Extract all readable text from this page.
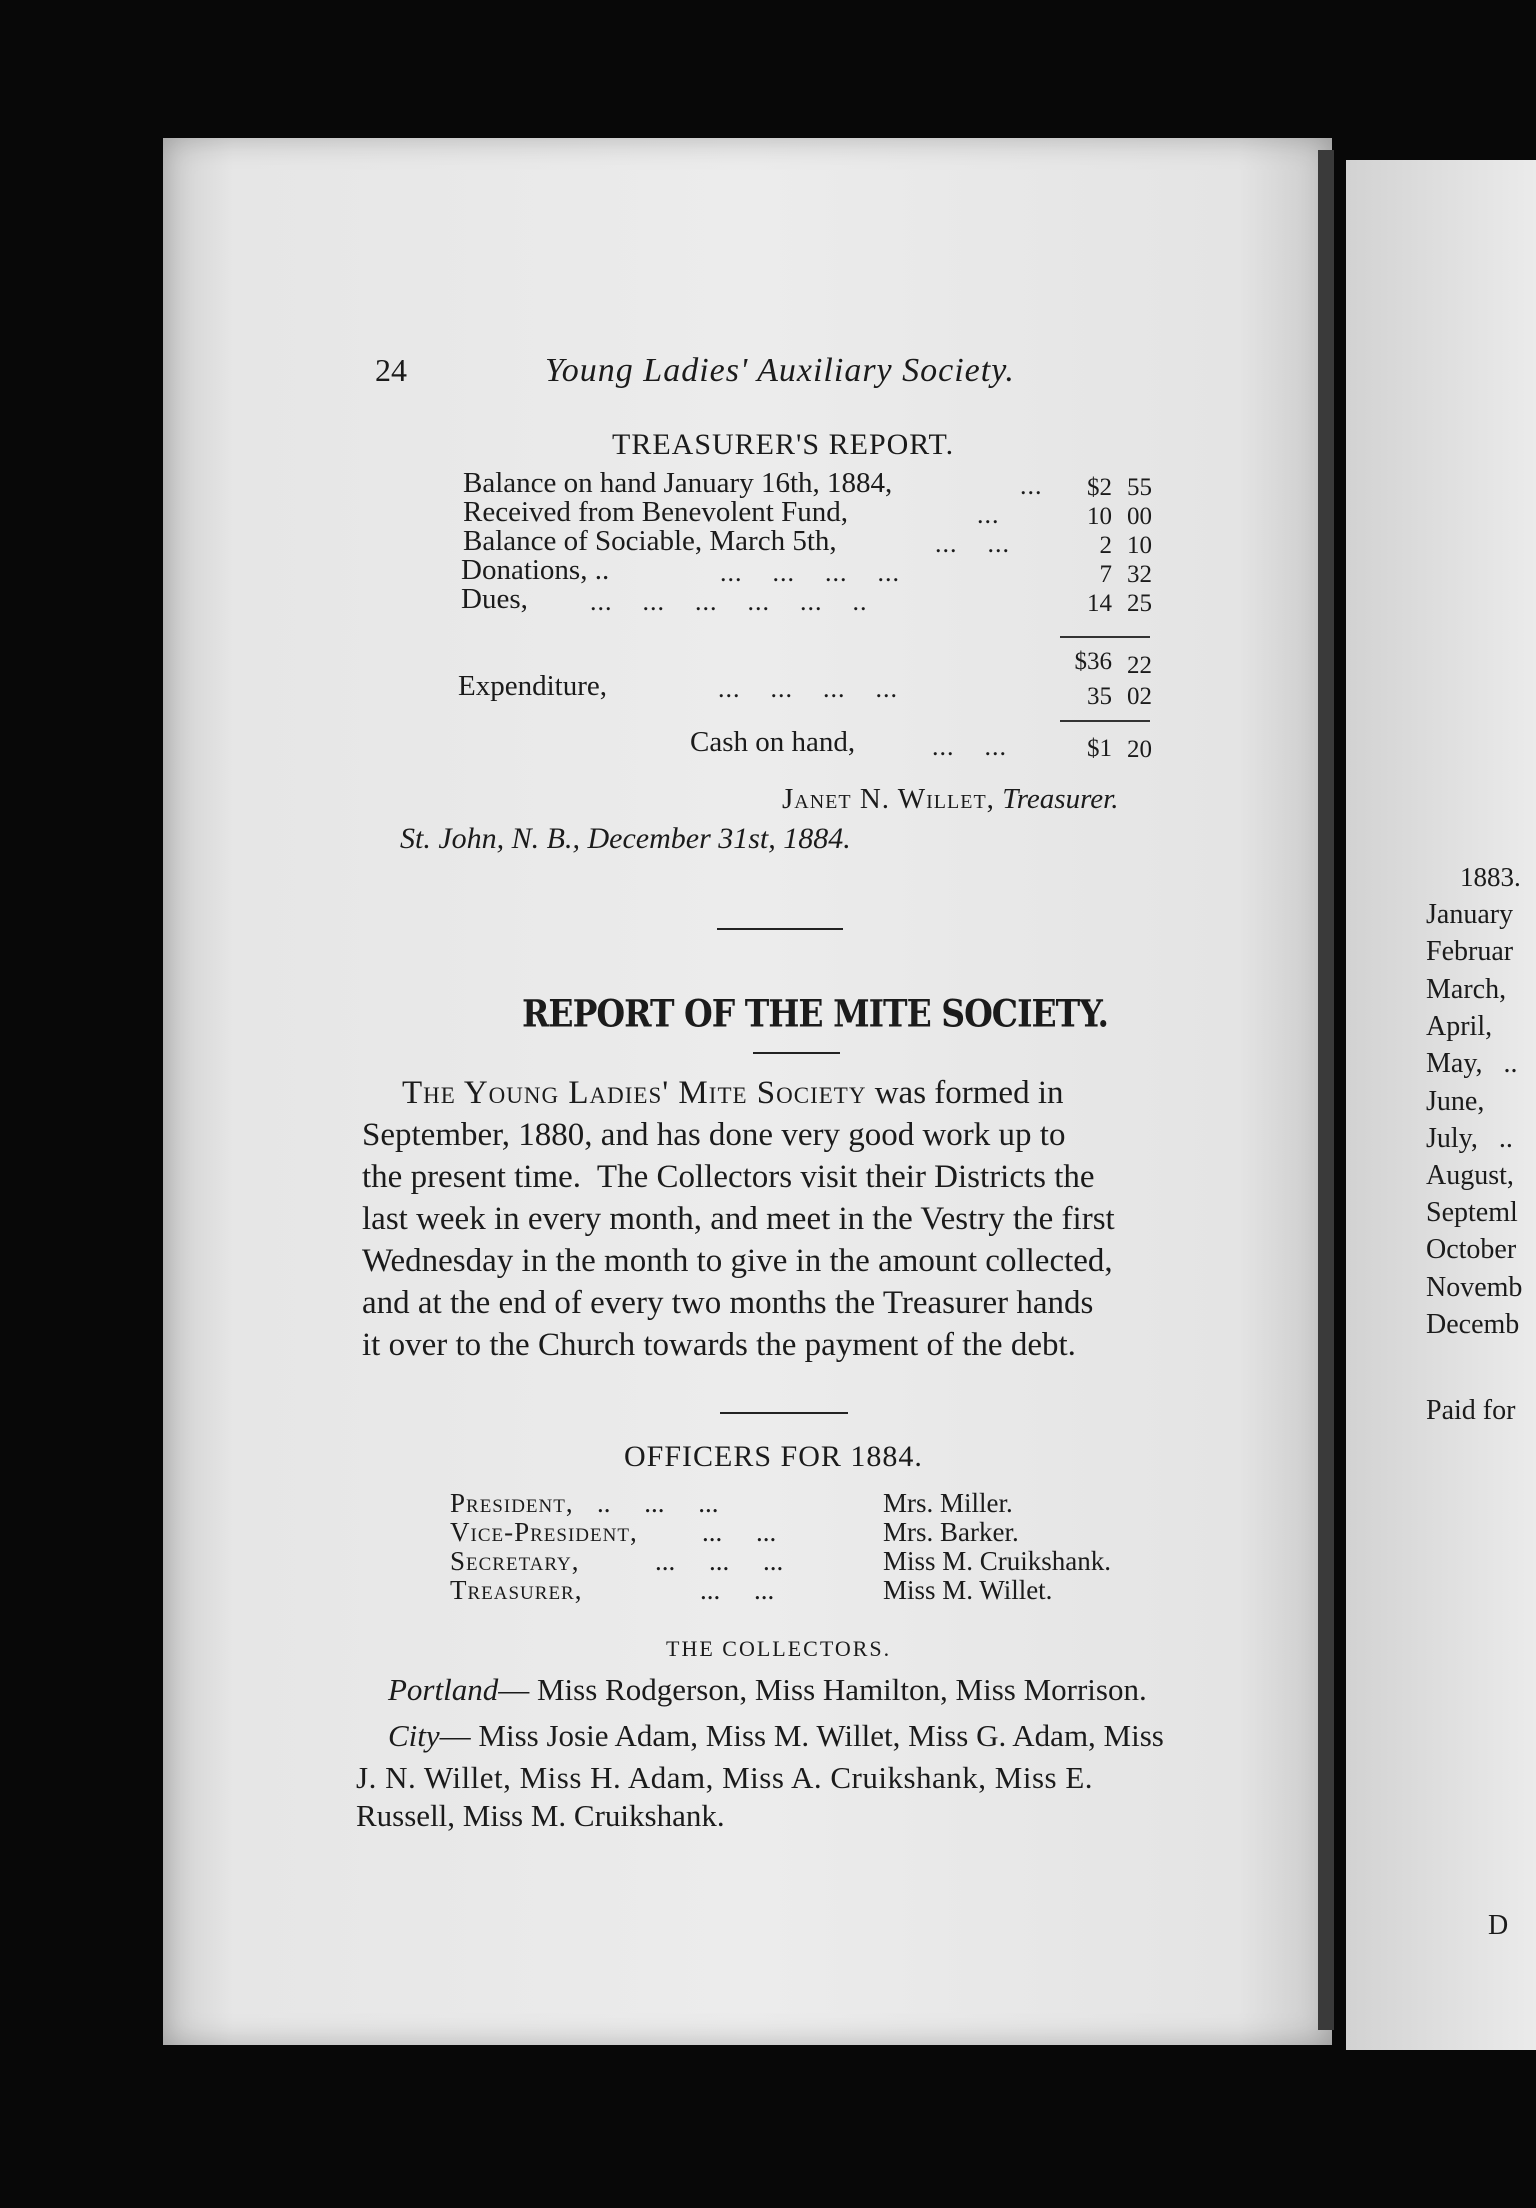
24	Young Ladies' Auxiliary Society.
TREASURER'S REPORT.
Balance on hand January 16th, 1884,	...	$2 55
Received from Benevolent Fund,	...	10 00
Balance of Sociable, March 5th,	...    ...	2 10
Donations, ..	...    ...    ...    ...	7 32
Dues, ...    ...    ...    ...    ...    ..	14 25
$36 22
Expenditure,	...    ...    ...    ...	35 02
Cash on hand,	...    ...	$1 20
Janet N. Willet, Treasurer.
St. John, N. B., December 31st, 1884.
REPORT OF THE MITE SOCIETY.
The Young Ladies' Mite Society was formed in
September, 1880, and has done very good work up to
the present time.  The Collectors visit their Districts the
last week in every month, and meet in the Vestry the first
Wednesday in the month to give in the amount collected,
and at the end of every two months the Treasurer hands
it over to the Church towards the payment of the debt.
OFFICERS FOR 1884.
President, ..     ...     ...	Mrs. Miller.
Vice-President, ...     ...	Mrs. Barker.
Secretary,	...     ...     ...	Miss M. Cruikshank.
Treasurer,	...     ...	Miss M. Willet.
THE COLLECTORS.
Portland— Miss Rodgerson, Miss Hamilton, Miss Morrison.
City— Miss Josie Adam, Miss M. Willet, Miss G. Adam, Miss
J. N. Willet, Miss H. Adam, Miss A. Cruikshank, Miss E.
Russell, Miss M. Cruikshank.
1883.
January
Februar
March,
April,
May,   ..
June,
July,   ..
August,
Septeml
October
Novemb
Decemb
Paid for
D
